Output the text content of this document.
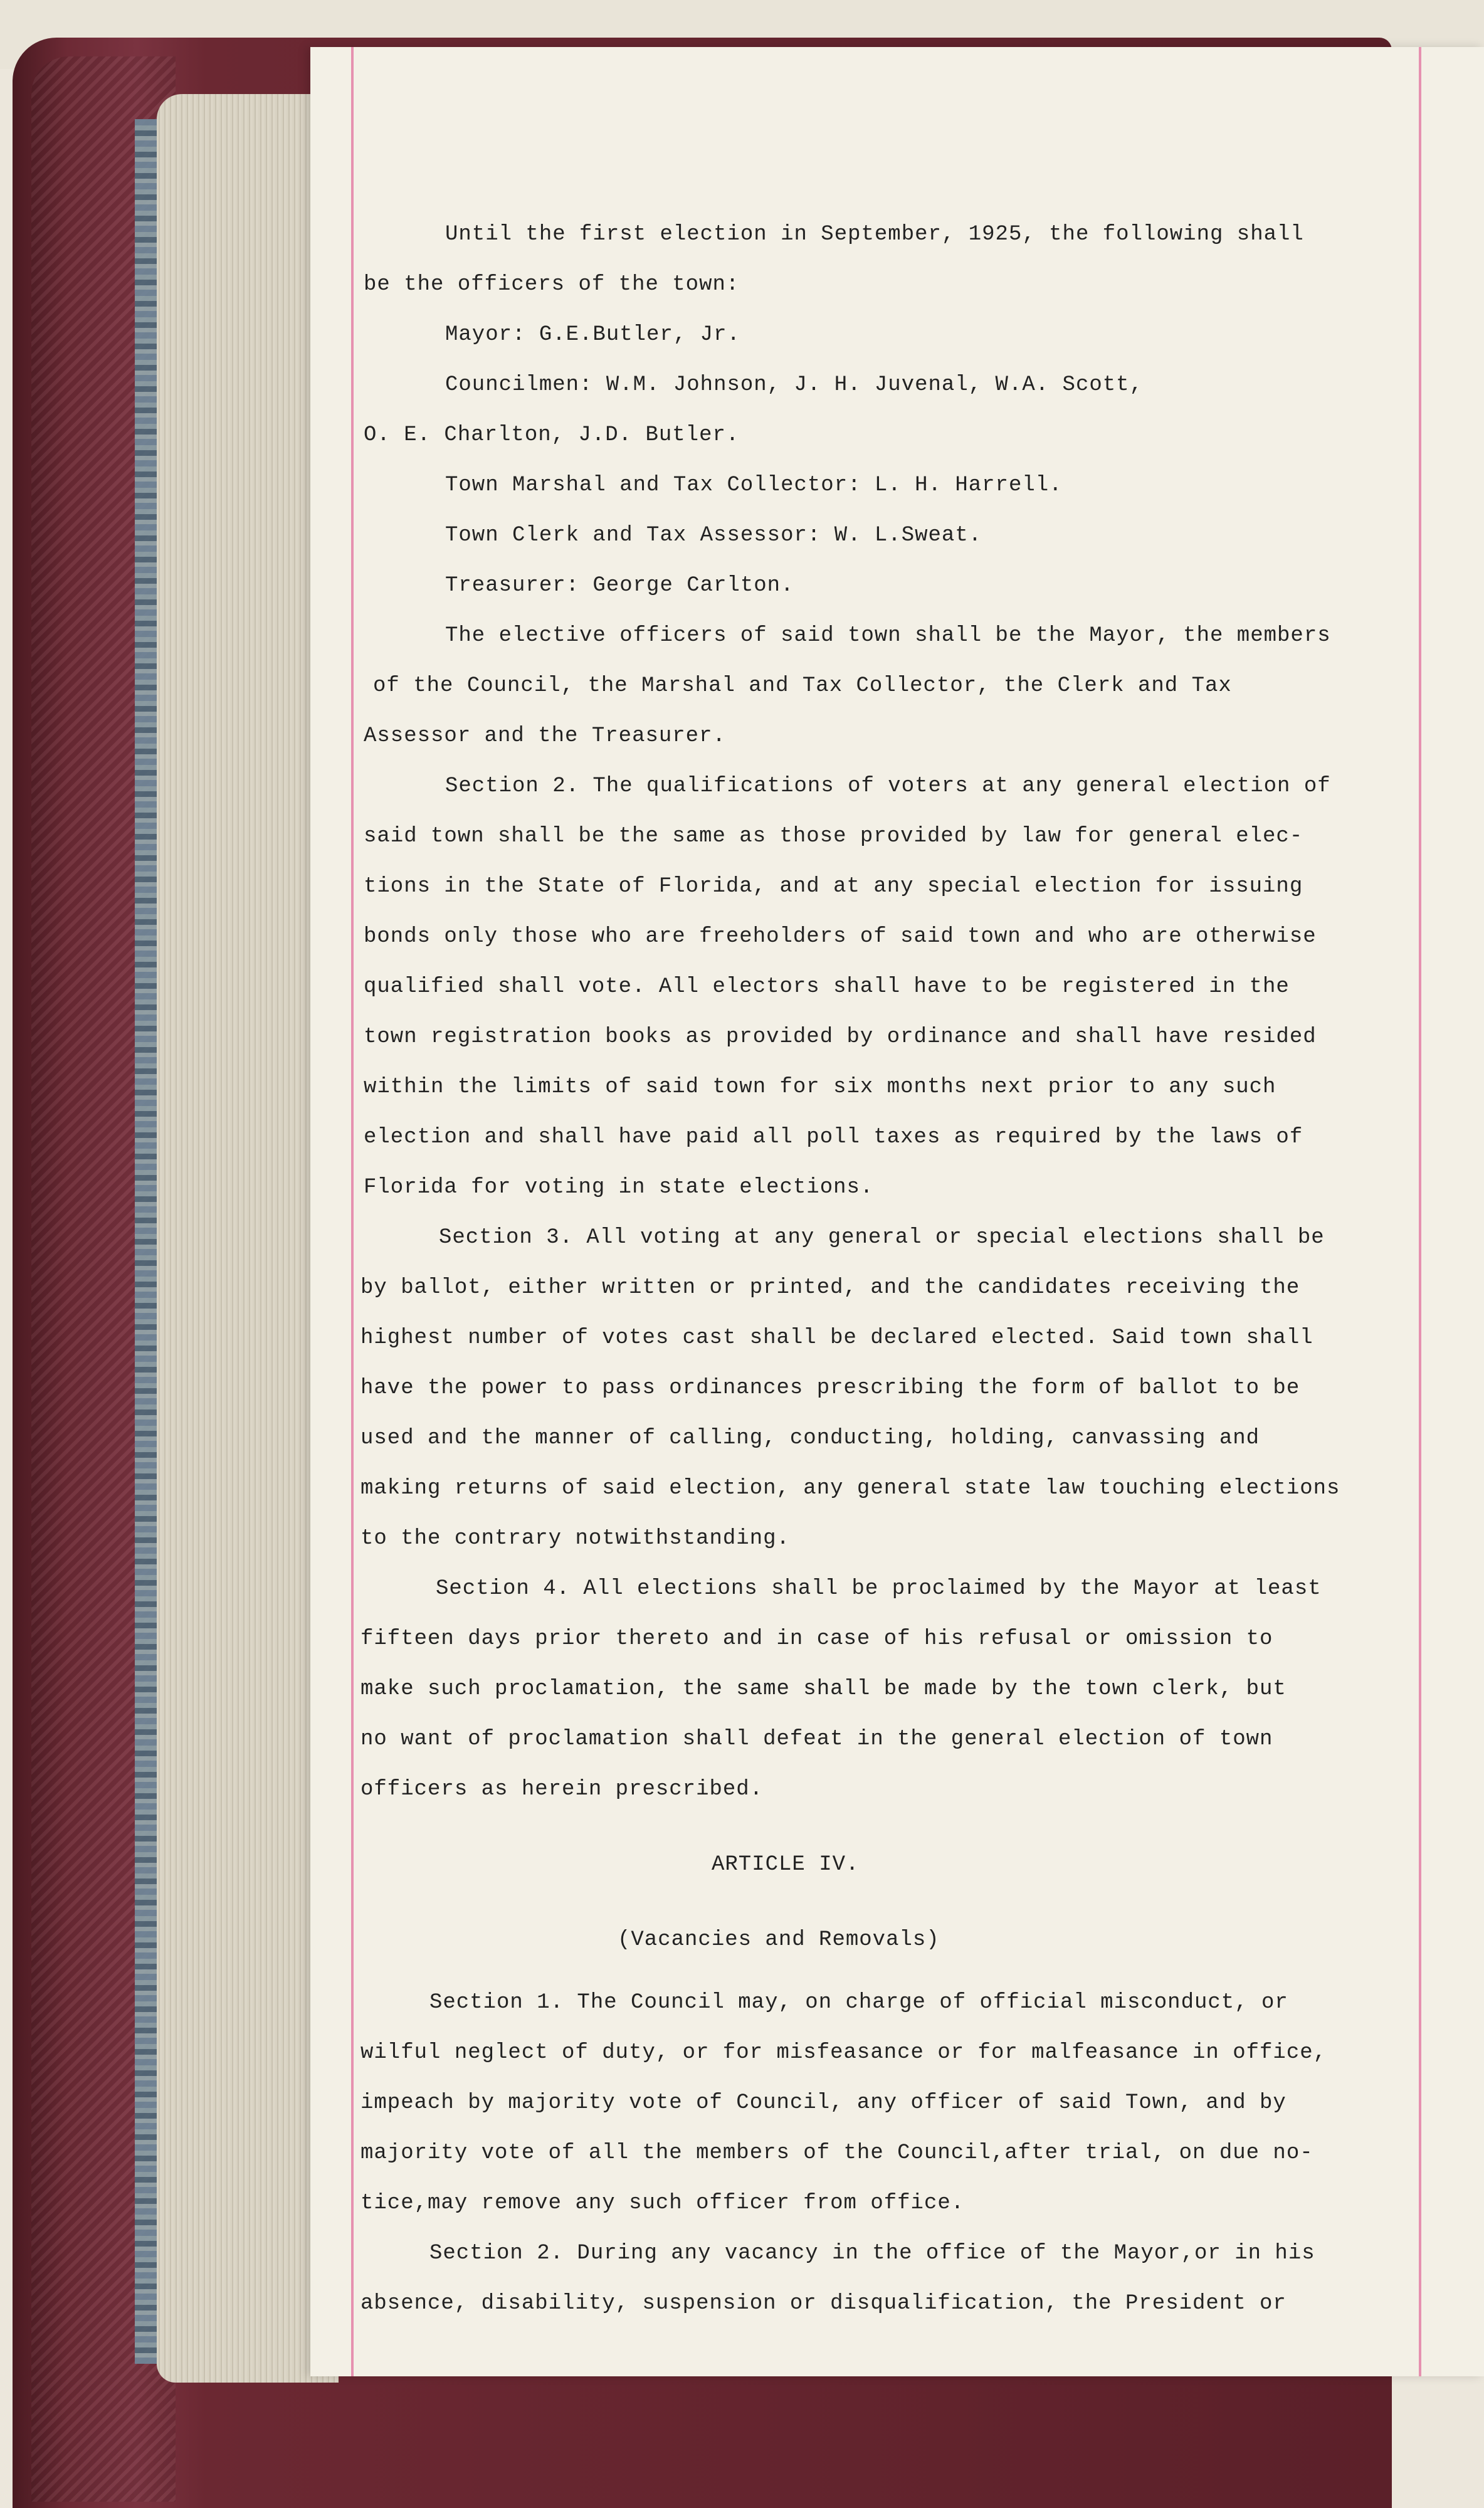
Until the first election in September, 1925, the following shall
be the officers of the town:
Mayor: G.E.Butler, Jr.
Councilmen: W.M. Johnson, J. H. Juvenal, W.A. Scott,
O. E. Charlton, J.D. Butler.
Town Marshal and Tax Collector: L. H. Harrell.
Town Clerk and Tax Assessor: W. L.Sweat.
Treasurer: George Carlton.
The elective officers of said town shall be the Mayor, the members
of the Council, the Marshal and Tax Collector, the Clerk and Tax
Assessor and the Treasurer.
Section 2. The qualifications of voters at any general election of
said town shall be the same as those provided by law for general elec-
tions in the State of Florida, and at any special election for issuing
bonds only those who are freeholders of said town and who are otherwise
qualified shall vote. All electors shall have to be registered in the
town registration books as provided by ordinance and shall have resided
within the limits of said town for six months next prior to any such
election and shall have paid all poll taxes as required by the laws of
Florida for voting in state elections.
Section 3. All voting at any general or special elections shall be
by ballot, either written or printed, and the candidates receiving the
highest number of votes cast shall be declared elected. Said town shall
have the power to pass ordinances prescribing the form of ballot to be
used and the manner of calling, conducting, holding, canvassing and
making returns of said election, any general state law touching elections
to the contrary notwithstanding.
Section 4. All elections shall be proclaimed by the Mayor at least
fifteen days prior thereto and in case of his refusal or omission to
make such proclamation, the same shall be made by the town clerk, but
no want of proclamation shall defeat in the general election of town
officers as herein prescribed.
ARTICLE IV.
(Vacancies and Removals)
Section 1. The Council may, on charge of official misconduct, or
wilful neglect of duty, or for misfeasance or for malfeasance in office,
impeach by majority vote of Council, any officer of said Town, and by
majority vote of all the members of the Council,after trial, on due no-
tice,may remove any such officer from office.
Section 2. During any vacancy in the office of the Mayor,or in his
absence, disability, suspension or disqualification, the President or
